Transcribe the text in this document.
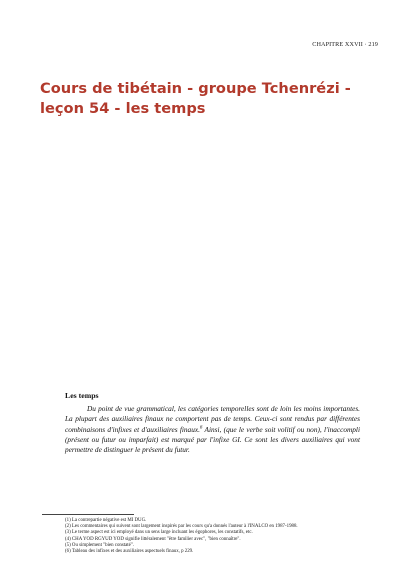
CHAPITRE XXVII · 219
Cours de tibétain - groupe Tchenrézi - leçon 54 - les temps
Les temps

Du point de vue grammatical, les catégories temporelles sont de loin les moins importantes. La plupart des auxiliaires finaux ne comportent pas de temps. Ceux-ci sont rendus par différentes combinaisons d'infixes et d'auxiliaires finaux.$^6$ Ainsi, (que le verbe soit volitif ou non), l'inaccompli (présent ou futur ou imparfait) est marqué par l'infixe GI. Ce sont les divers auxiliaires qui vont permettre de distinguer le présent du futur.

(1) La contrepartie négative est MI DUG.
(2) Les commentaires qui suivent sont largement inspirés par les cours qu'a donnés l'auteur à l'INALCO en 1987-1988.
(3) Le terme aspect est ici employé dans un sens large incluant les égophores, les constatifs, etc.
(4) CHA YOD RGYUD YOD signifie littéralement "être familier avec", "bien connaître".
(5) Ou simplement "bien constaté".
(6) Tableau des infixes et des auxiliaires aspectuels finaux, p 229.
